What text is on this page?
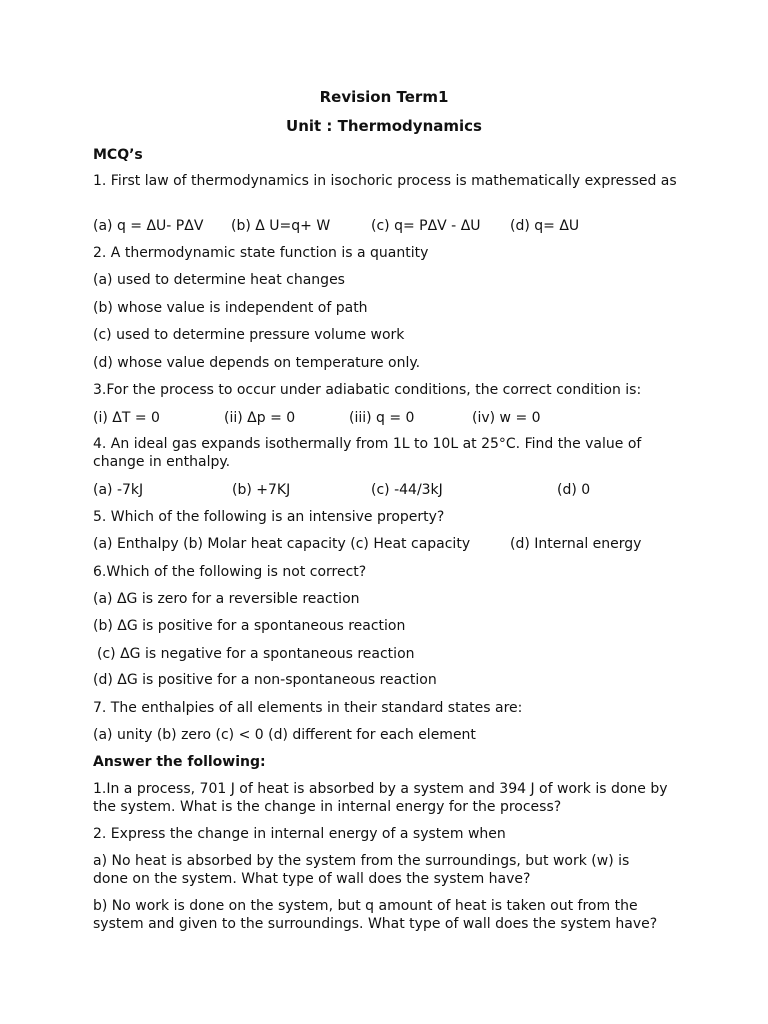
Revision Term1
Unit : Thermodynamics
MCQ’s
1. First law of thermodynamics in isochoric process is mathematically expressed as
(a) q = ΔU- PΔV (b) Δ U=q+ W	(c) q= PΔV - ΔU (d) q= ΔU
2. A thermodynamic state function is a quantity
(a) used to determine heat changes
(b) whose value is independent of path
(c) used to determine pressure volume work
(d) whose value depends on temperature only.
3.For the process to occur under adiabatic conditions, the correct condition is:
(i) ΔT = 0	(ii) Δp = 0	(iii) q = 0	(iv) w = 0
4. An ideal gas expands isothermally from 1L to 10L at 25°C. Find the value of change in enthalpy.
(a) -7kJ	(b) +7KJ	(c) -44/3kJ	(d) 0
5. Which of the following is an intensive property?
(a) Enthalpy (b) Molar heat capacity (c) Heat capacity	(d) Internal energy
6.Which of the following is not correct?
(a) ΔG is zero for a reversible reaction
(b) ΔG is positive for a spontaneous reaction
(c) ΔG is negative for a spontaneous reaction
(d) ΔG is positive for a non-spontaneous reaction
7. The enthalpies of all elements in their standard states are:
(a) unity (b) zero (c) < 0 (d) different for each element
Answer the following:
1.In a process, 701 J of heat is absorbed by a system and 394 J of work is done by the system. What is the change in internal energy for the process?
2. Express the change in internal energy of a system when
a) No heat is absorbed by the system from the surroundings, but work (w) is done on the system. What type of wall does the system have?
b) No work is done on the system, but q amount of heat is taken out from the system and given to the surroundings. What type of wall does the system have?
